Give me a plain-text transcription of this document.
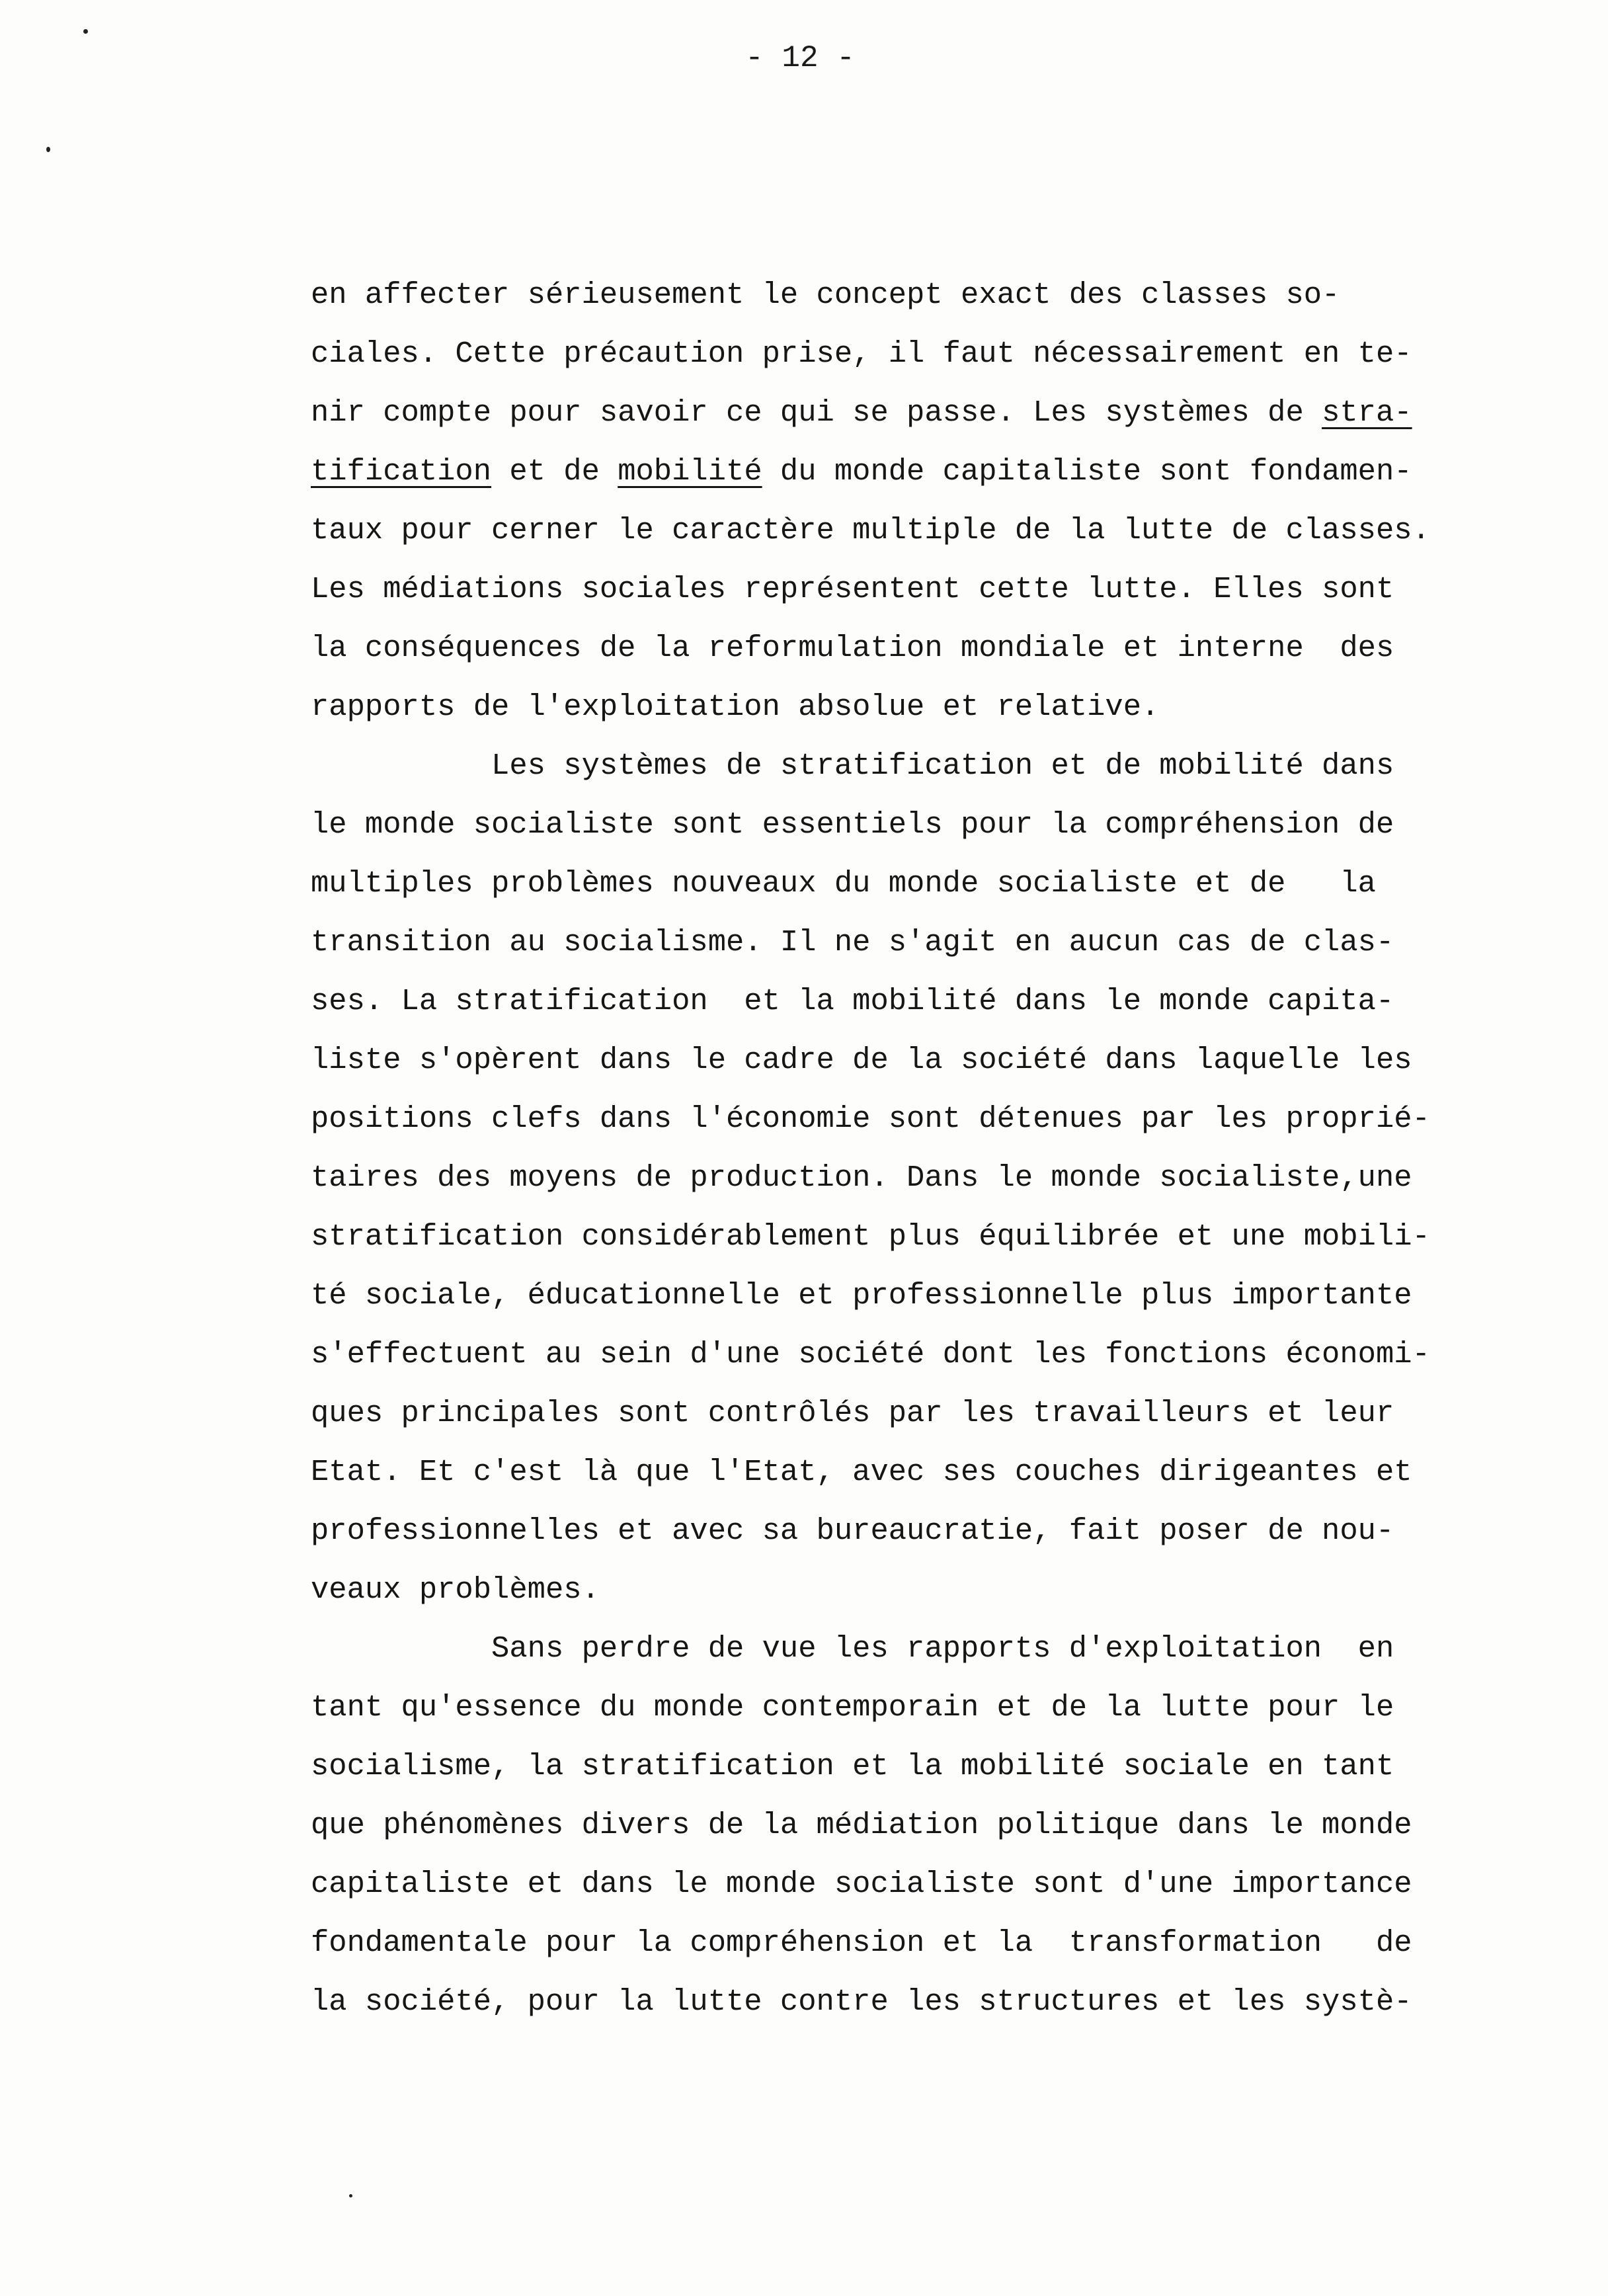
- 12 -
en affecter sérieusement le concept exact des classes so-
ciales. Cette précaution prise, il faut nécessairement en te-
nir compte pour savoir ce qui se passe. Les systèmes de stra-
tification et de mobilité du monde capitaliste sont fondamen-
taux pour cerner le caractère multiple de la lutte de classes.
Les médiations sociales représentent cette lutte. Elles sont
la conséquences de la reformulation mondiale et interne  des
rapports de l'exploitation absolue et relative.
Les systèmes de stratification et de mobilité dans
le monde socialiste sont essentiels pour la compréhension de
multiples problèmes nouveaux du monde socialiste et de   la
transition au socialisme. Il ne s'agit en aucun cas de clas-
ses. La stratification  et la mobilité dans le monde capita-
liste s'opèrent dans le cadre de la société dans laquelle les
positions clefs dans l'économie sont détenues par les proprié-
taires des moyens de production. Dans le monde socialiste,une
stratification considérablement plus équilibrée et une mobili-
té sociale, éducationnelle et professionnelle plus importante
s'effectuent au sein d'une société dont les fonctions économi-
ques principales sont contrôlés par les travailleurs et leur
Etat. Et c'est là que l'Etat, avec ses couches dirigeantes et
professionnelles et avec sa bureaucratie, fait poser de nou-
veaux problèmes.
Sans perdre de vue les rapports d'exploitation  en
tant qu'essence du monde contemporain et de la lutte pour le
socialisme, la stratification et la mobilité sociale en tant
que phénomènes divers de la médiation politique dans le monde
capitaliste et dans le monde socialiste sont d'une importance
fondamentale pour la compréhension et la  transformation   de
la société, pour la lutte contre les structures et les systè-
